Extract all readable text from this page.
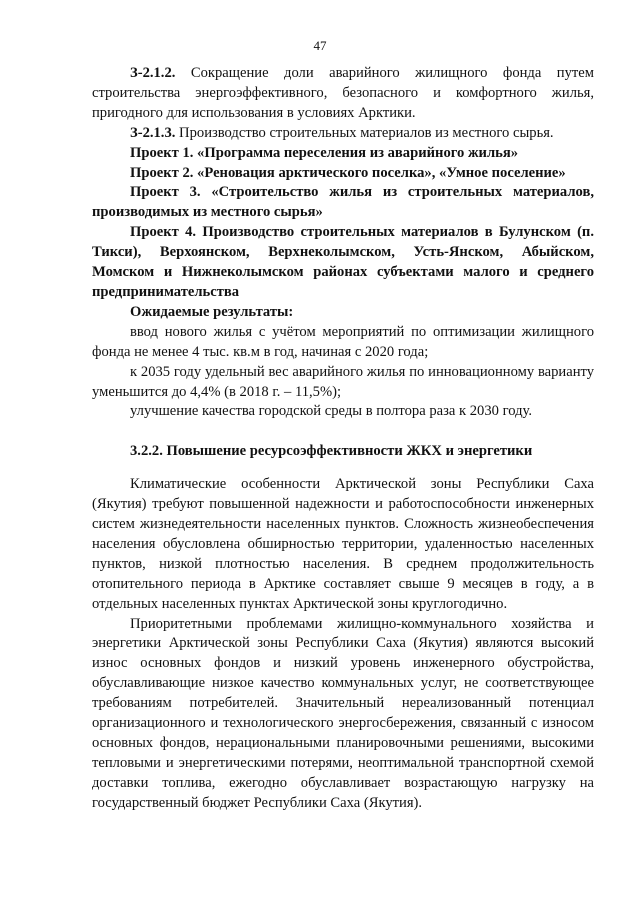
47

З-2.1.2. Сокращение доли аварийного жилищного фонда путем строительства энергоэффективного, безопасного и комфортного жилья, пригодного для использования в условиях Арктики.

З-2.1.3. Производство строительных материалов из местного сырья.

Проект 1. «Программа переселения из аварийного жилья»

Проект 2. «Реновация арктического поселка», «Умное поселение»

Проект 3. «Строительство жилья из строительных материалов, производимых из местного сырья»

Проект 4. Производство строительных материалов в Булунском (п. Тикси), Верхоянском, Верхнеколымском, Усть-Янском, Абыйском, Момском и Нижнеколымском районах субъектами малого и среднего предпринимательства

Ожидаемые результаты:

ввод нового жилья с учётом мероприятий по оптимизации жилищного фонда не менее 4 тыс. кв.м в год, начиная с 2020 года;

к 2035 году удельный вес аварийного жилья по инновационному варианту уменьшится до 4,4% (в 2018 г. – 11,5%);

улучшение качества городской среды в полтора раза к 2030 году.

3.2.2. Повышение ресурсоэффективности ЖКХ и энергетики

Климатические особенности Арктической зоны Республики Саха (Якутия) требуют повышенной надежности и работоспособности инженерных систем жизнедеятельности населенных пунктов. Сложность жизнеобеспечения населения обусловлена обширностью территории, удаленностью населенных пунктов, низкой плотностью населения. В среднем продолжительность отопительного периода в Арктике составляет свыше 9 месяцев в году, а в отдельных населенных пунктах Арктической зоны круглогодично.

Приоритетными проблемами жилищно-коммунального хозяйства и энергетики Арктической зоны Республики Саха (Якутия) являются высокий износ основных фондов и низкий уровень инженерного обустройства, обуславливающие низкое качество коммунальных услуг, не соответствующее требованиям потребителей. Значительный нереализованный потенциал организационного и технологического энергосбережения, связанный с износом основных фондов, нерациональными планировочными решениями, высокими тепловыми и энергетическими потерями, неоптимальной транспортной схемой доставки топлива, ежегодно обуславливает возрастающую нагрузку на государственный бюджет Республики Саха (Якутия).
